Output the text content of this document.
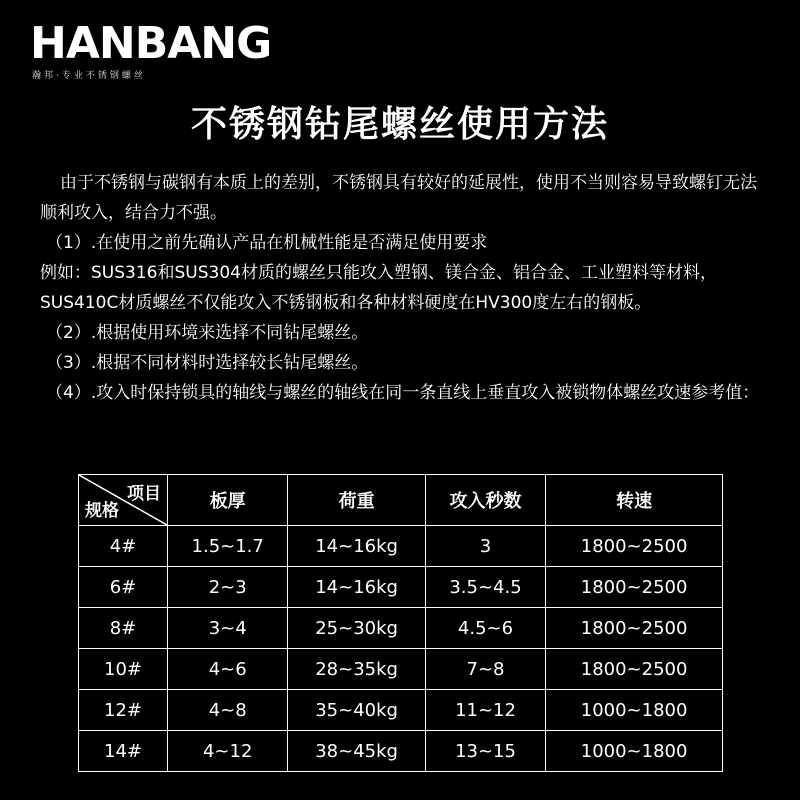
HANBANG
瀚邦·专业不锈钢螺丝
不锈钢钻尾螺丝使用方法

由于不锈钢与碳钢有本质上的差别，不锈钢具有较好的延展性，使用不当则容易导致螺钉无法顺利攻入，结合力不强。

（1）.在使用之前先确认产品在机械性能是否满足使用要求

例如：SUS316和SUS304材质的螺丝只能攻入塑钢、镁合金、铝合金、工业塑料等材料，SUS410C材质螺丝不仅能攻入不锈钢板和各种材料硬度在HV300度左右的钢板。

（2）.根据使用环境来选择不同钻尾螺丝。

（3）.根据不同材料时选择较长钻尾螺丝。

（4）.攻入时保持锁具的轴线与螺丝的轴线在同一条直线上垂直攻入被锁物体螺丝攻速参考值：

项目
规格	板厚	荷重	攻入秒数	转速
4#	1.5~1.7	14~16kg	3	1800~2500
6#	2~3	14~16kg	3.5~4.5	1800~2500
8#	3~4	25~30kg	4.5~6	1800~2500
10#	4~6	28~35kg	7~8	1800~2500
12#	4~8	35~40kg	11~12	1000~1800
14#	4~12	38~45kg	13~15	1000~1800
